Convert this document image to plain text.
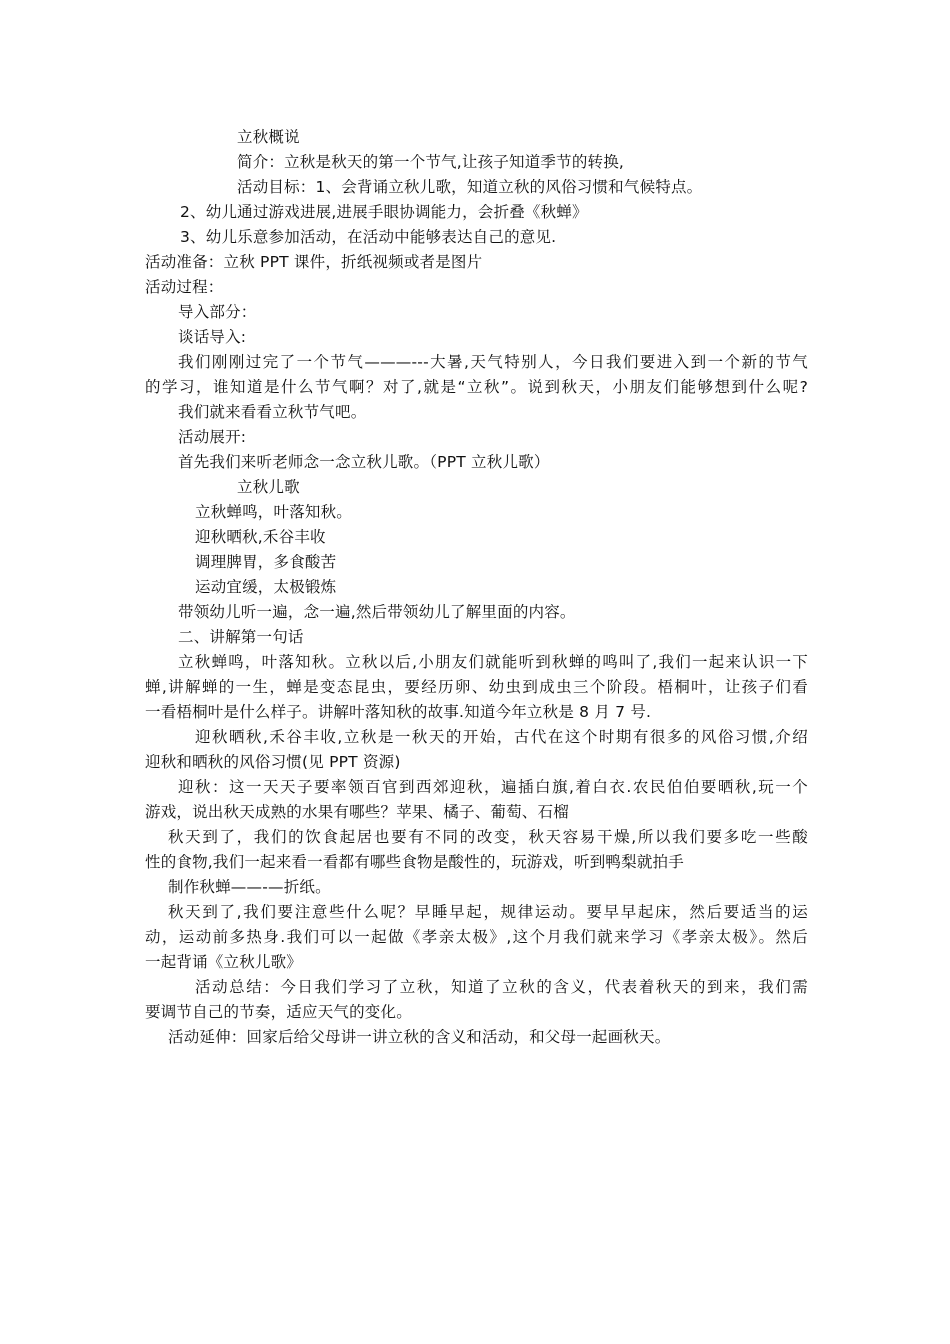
立秋概说
简介：立秋是秋天的第一个节气,让孩子知道季节的转换,
活动目标：1、会背诵立秋儿歌，知道立秋的风俗习惯和气候特点。
2、幼儿通过游戏进展,进展手眼协调能力，会折叠《秋蝉》
3、幼儿乐意参加活动，在活动中能够表达自己的意见.
活动准备：立秋 PPT 课件，折纸视频或者是图片
活动过程：
导入部分：
谈话导入:
我们刚刚过完了一个节气———---大暑,天气特别人，今日我们要进入到一个新的节气
的学习，谁知道是什么节气啊？对了,就是“立秋”。说到秋天，小朋友们能够想到什么呢?
我们就来看看立秋节气吧。
活动展开:
首先我们来听老师念一念立秋儿歌。（PPT 立秋儿歌）
立秋儿歌
立秋蝉鸣，叶落知秋。
迎秋晒秋,禾谷丰收
调理脾胃，多食酸苦
运动宜缓，太极锻炼
带领幼儿听一遍，念一遍,然后带领幼儿了解里面的内容。
二、讲解第一句话
立秋蝉鸣，叶落知秋。立秋以后,小朋友们就能听到秋蝉的鸣叫了,我们一起来认识一下
蝉,讲解蝉的一生，蝉是变态昆虫，要经历卵、幼虫到成虫三个阶段。梧桐叶，让孩子们看
一看梧桐叶是什么样子。讲解叶落知秋的故事.知道今年立秋是 8 月 7 号.
迎秋晒秋,禾谷丰收,立秋是一秋天的开始，古代在这个时期有很多的风俗习惯,介绍
迎秋和晒秋的风俗习惯(见 PPT 资源)
迎秋：这一天天子要率领百官到西郊迎秋，遍插白旗,着白衣.农民伯伯要晒秋,玩一个
游戏，说出秋天成熟的水果有哪些？苹果、橘子、葡萄、石榴
秋天到了，我们的饮食起居也要有不同的改变，秋天容易干燥,所以我们要多吃一些酸
性的食物,我们一起来看一看都有哪些食物是酸性的，玩游戏，听到鸭梨就拍手
制作秋蝉——-—折纸。
秋天到了,我们要注意些什么呢？早睡早起，规律运动。要早早起床，然后要适当的运
动，运动前多热身.我们可以一起做《孝亲太极》,这个月我们就来学习《孝亲太极》。然后
一起背诵《立秋儿歌》
活动总结：今日我们学习了立秋，知道了立秋的含义，代表着秋天的到来，我们需
要调节自己的节奏，适应天气的变化。
活动延伸：回家后给父母讲一讲立秋的含义和活动，和父母一起画秋天。
